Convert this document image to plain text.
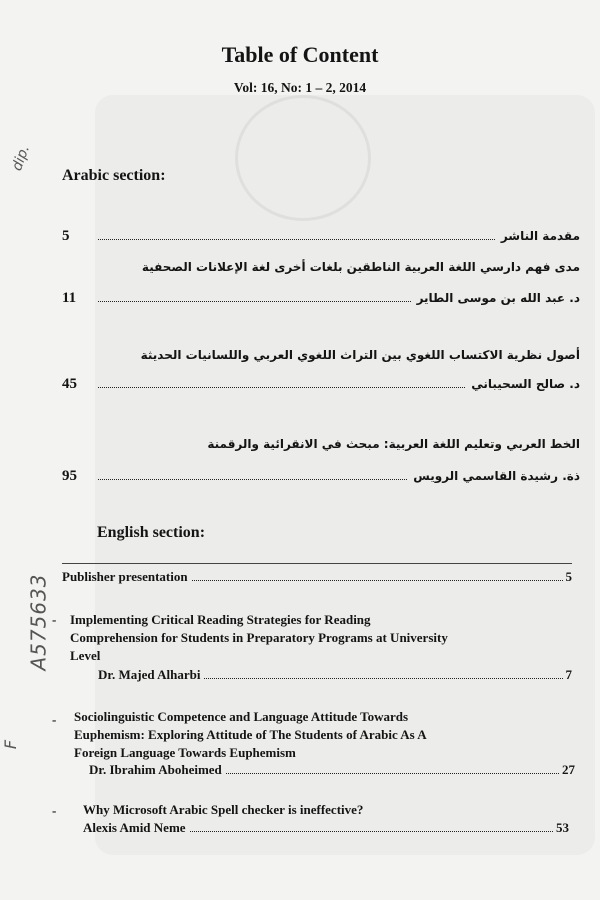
Table of Content
Vol: 16, No: 1 – 2, 2014
dip.
A575633
F
Arabic section:
5	مقدمة الناشر
مدى فهم دارسي اللغة العربية الناطقين بلغات أخرى لغة الإعلانات الصحفية
11	د. عبد الله بن موسى الطاير
أصول نظرية الاكتساب اللغوي بين التراث اللغوي العربي واللسانيات الحديثة
45	د. صالح السحيباني
الخط العربي وتعليم اللغة العربية: مبحث في الانقرائية والرقمنة
95	ذة. رشيدة القاسمي الرويس
English section:
Publisher presentation	5
- Implementing Critical Reading Strategies for Reading
Comprehension for Students in Preparatory Programs at University
Level
Dr. Majed Alharbi	7
- Sociolinguistic Competence and Language Attitude Towards
Euphemism: Exploring Attitude of The Students of Arabic As A
Foreign Language Towards Euphemism
Dr. Ibrahim Aboheimed	27
- Why Microsoft Arabic Spell checker is ineffective?
Alexis Amid Neme	53
